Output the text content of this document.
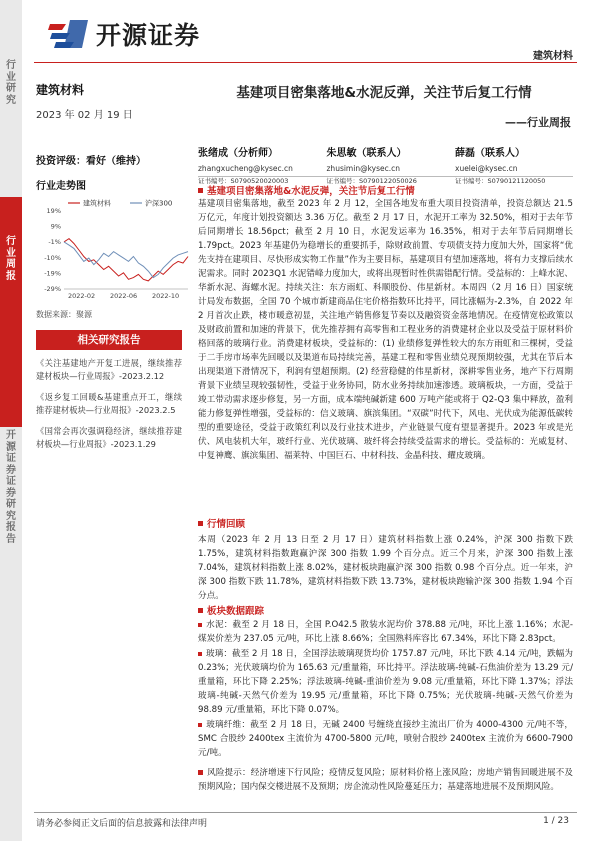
行业研究
行业周报
开源证券 证券研究报告
开源证券
建筑材料
建筑材料
2023 年 02 月 19 日
投资评级：看好（维持）
行业走势图
19%
9%
-1%
-10%
-19%
-29%
2022-02 2022-06 2022-10
建筑材料	沪深300
数据来源：聚源
相关研究报告
《关注基建地产开复工进展，继续推荐建材板块—行业周报》-2023.2.12
《返乡复工回暖&基建重点开工，继续推荐建材板块—行业周报》-2023.2.5
《国常会再次强调稳经济，继续推荐建材板块—行业周报》-2023.1.29
基建项目密集落地&水泥反弹，关注节后复工行情
——行业周报
张绪成（分析师）
zhangxucheng@kysec.cn
证书编号：S0790520020003
朱思敏（联系人）
zhusimin@kysec.cn
证书编号：S0790122050026
薛磊（联系人）
xuelei@kysec.cn
证书编号：S0790121120050
基建项目密集落地&水泥反弹，关注节后复工行情
基建项目密集落地，截至 2023 年 2 月 12，全国各地发布重大项目投资清单，投资总额达 21.5 万亿元，年度计划投资额达 3.36 万亿。截至 2 月 17 日，水泥开工率为 32.50%，相对于去年节后同期增长 18.56pct；截至 2 月 10 日，水泥发运率为 16.35%，相对于去年节后同期增长 1.79pct。2023 年基建仍为稳增长的重要抓手，除财政前置、专项债支持力度加大外，国家将“优先支持在建项目、尽快形成实物工作量”作为主要目标，基建项目有望加速落地，将有力支撑后续水泥需求。同时 2023Q1 水泥错峰力度加大，或将出现暂时性供需错配行情。受益标的：上峰水泥、华新水泥、海螺水泥。持续关注：东方雨虹、科顺股份、伟星新材。本周四（2 月 16 日）国家统计局发布数据，全国 70 个城市新建商品住宅价格指数环比持平，同比涨幅为-2.3%，自 2022 年 2 月首次止跌，楼市暖意初显，关注地产销售修复节奏以及融资资金落地情况。在疫情宽松政策以及财政前置和加速的背景下，优先推荐拥有高零售和工程业务的消费建材企业以及受益于原材料价格回落的玻璃行业。消费建材板块，受益标的：(1) 业绩修复弹性较大的东方雨虹和三棵树，受益于二手房市场率先回暖以及渠道布局持续完善，基建工程和零售业绩兑现预期较强，尤其在节后本出现渠道下滑情况下，利润有望超预期。(2) 经营稳健的伟星新材，深耕零售业务，地产下行周期背景下业绩呈现较强韧性，受益于业务协同，防水业务持续加速渗透。玻璃板块，一方面，受益于竣工带动需求逐步修复，另一方面，成本端纯碱新建 600 万吨产能或将于 Q2-Q3 集中释放，盈利能力修复弹性增强，受益标的：信义玻璃、旗滨集团。“双碳”时代下，风电、光伏成为能源低碳转型的重要途径，受益于政策红利以及行业技术进步，产业链景气度有望显著提升。2023 年或是光伏、风电装机大年，玻纤行业、光伏玻璃、玻纤将会持续受益需求的增长。受益标的：光威复材、中复神鹰、旗滨集团、福莱特、中国巨石、中材科技、金晶科技、耀皮玻璃。
行情回顾
本周（2023 年 2 月 13 日至 2 月 17 日）建筑材料指数上涨 0.24%，沪深 300 指数下跌 1.75%，建筑材料指数跑赢沪深 300 指数 1.99 个百分点。近三个月来，沪深 300 指数上涨 7.04%，建筑材料指数上涨 8.02%，建材板块跑赢沪深 300 指数 0.98 个百分点。近一年来，沪深 300 指数下跌 11.78%，建筑材料指数下跌 13.73%，建材板块跑输沪深 300 指数 1.94 个百分点。
板块数据跟踪
水泥：截至 2 月 18 日，全国 P.O42.5 散装水泥均价 378.88 元/吨，环比上涨 1.16%；水泥-煤炭价差为 237.05 元/吨，环比上涨 8.66%；全国熟料库容比 67.34%，环比下降 2.83pct。
玻璃：截至 2 月 18 日，全国浮法玻璃现货均价 1757.87 元/吨，环比下跌 4.14 元/吨，跌幅为 0.23%；光伏玻璃均价为 165.63 元/重量箱，环比持平。浮法玻璃-纯碱-石焦油价差为 13.29 元/重量箱，环比下降 2.25%；浮法玻璃-纯碱-重油价差为 9.08 元/重量箱，环比下降 1.37%；浮法玻璃-纯碱-天然气价差为 19.95 元/重量箱，环比下降 0.75%；光伏玻璃-纯碱-天然气价差为 98.89 元/重量箱，环比下降 0.07%。
玻璃纤维：截至 2 月 18 日，无碱 2400 号缠绕直接纱主流出厂价为 4000-4300 元/吨不等，SMC 合股纱 2400tex 主流价为 4700-5800 元/吨，喷射合股纱 2400tex 主流价为 6600-7900 元/吨。
风险提示：经济增速下行风险；疫情反复风险；原材料价格上涨风险；房地产销售回暖进展不及预期风险；国内保交楼进展不及预期；房企流动性风险蔓延压力；基建落地进展不及预期风险。
请务必参阅正文后面的信息披露和法律声明	1 / 23
